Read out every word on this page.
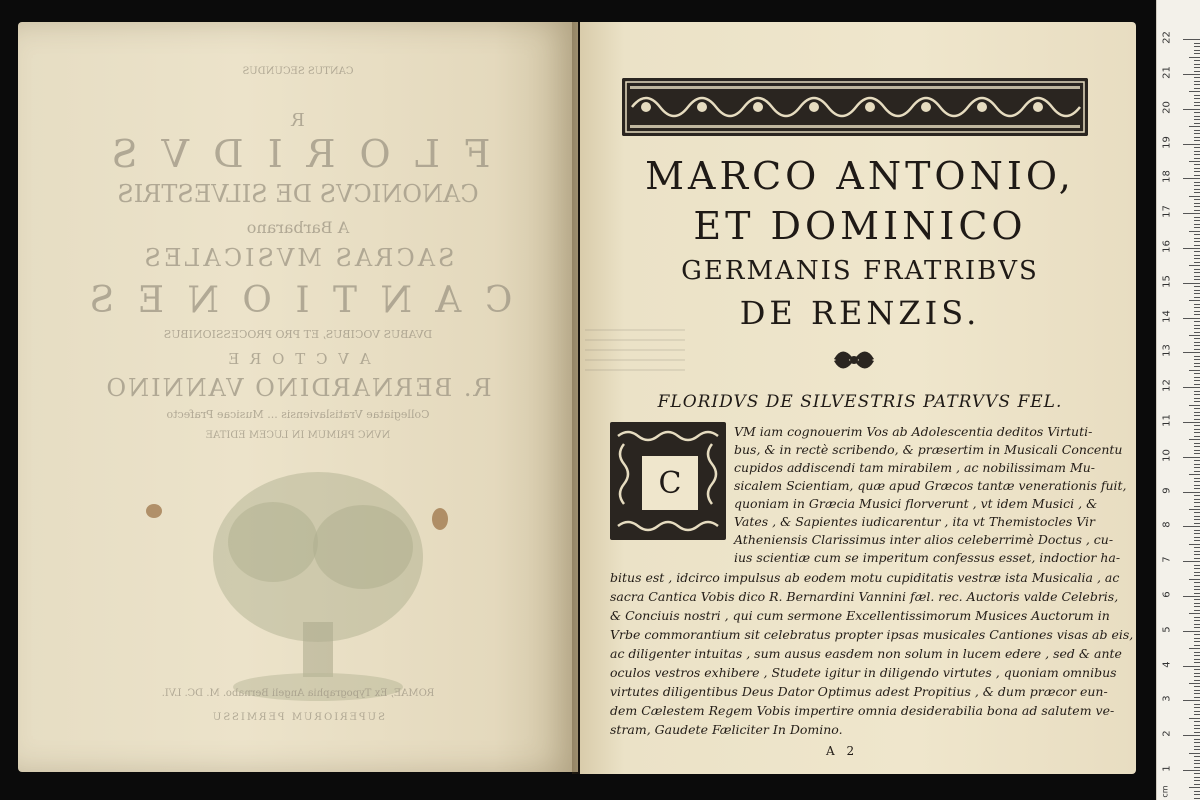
CANTUS SECUNDUS
R
F L O R I D V S
CANONICVS DE SILVESTRIS
A Barbarano
SACRAS MVSICALES
C A N T I O N E S
DVABUS VOCIBUS, ET PRO PROCESSIONIBUS
A V C T O R E
R. BERNARDINO VANNINO
Collegiatae Vratislaviensis ... Musicae Prafecto
NVNC PRIMUM IN LUCEM EDITAE
ROMAE, Ex Typographia Angeli Bernabo. M. DC. LVI.
SUPERIORUM PERMISSU
MARCO ANTONIO,
ET DOMINICO
GERMANIS FRATRIBVS
DE RENZIS.
FLORIDVS DE SILVESTRIS PATRVVS FEL.
C
VM iam cognouerim Vos ab Adolescentia deditos Virtuti-
bus, & in rectè scribendo, & præsertim in Musicali Concentu
cupidos addiscendi tam mirabilem , ac nobilissimam Mu-
sicalem Scientiam, quæ apud Græcos tantæ venerationis fuit,
quoniam in Græcia Musici florverunt , vt idem Musici , &
Vates , & Sapientes iudicarentur , ita vt Themistocles Vir
Atheniensis Clarissimus inter alios celeberrimè Doctus , cu-
ius scientiæ cum se imperitum confessus esset, indoctior ha-
bitus est , idcirco impulsus ab eodem motu cupiditatis vestræ ista Musicalia , ac
sacra Cantica Vobis dico R. Bernardini Vannini fæl. rec. Auctoris valde Celebris,
& Conciuis nostri , qui cum sermone Excellentissimorum Musices Auctorum in
Vrbe commorantium sit celebratus propter ipsas musicales Cantiones visas ab eis,
ac diligenter intuitas , sum ausus easdem non solum in lucem edere , sed & ante
oculos vestros exhibere , Studete igitur in diligendo virtutes , quoniam omnibus
virtutes diligentibus Deus Dator Optimus adest Propitius , & dum præcor eun-
dem Cælestem Regem Vobis impertire omnia desiderabilia bona ad salutem ve-
stram, Gaudete Fæliciter In Domino.
A 2
cm
1
2
3
4
5
6
7
8
9
10
11
12
13
14
15
16
17
18
19
20
21
22
